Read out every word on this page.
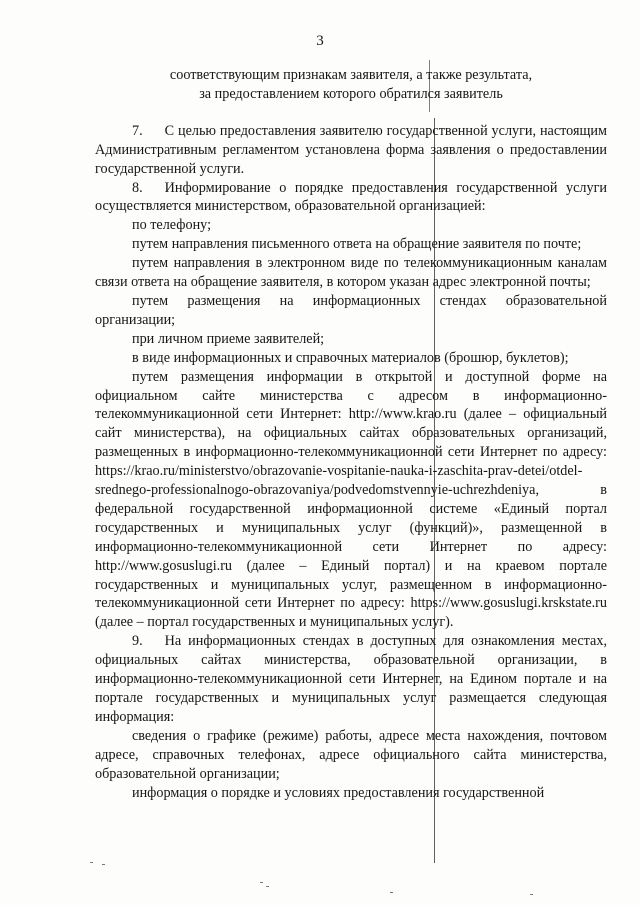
3

соответствующим признакам заявителя, а также результата,

за предоставлением которого обратился заявитель

7. С целью предоставления заявителю государственной услуги, настоящим Административным регламентом установлена форма заявления о предоставлении государственной услуги.

8. Информирование о порядке предоставления государственной услуги осуществляется министерством, образовательной организацией:

по телефону;

путем направления письменного ответа на обращение заявителя по почте;

путем направления в электронном виде по телекоммуникационным каналам связи ответа на обращение заявителя, в котором указан адрес электронной почты;

путем размещения на информационных стендах образовательной организации;

при личном приеме заявителей;

в виде информационных и справочных материалов (брошюр, буклетов);

путем размещения информации в открытой и доступной форме на официальном сайте министерства с адресом в информационно-телекоммуникационной сети Интернет: http://www.krao.ru (далее – официальный сайт министерства), на официальных сайтах образовательных организаций, размещенных в информационно-телекоммуникационной сети Интернет по адресу: https://krao.ru/ministerstvo/obrazovanie-vospitanie-nauka-i-zaschita-prav-detei/otdel-srednego-professionalnogo-obrazovaniya/podvedomstvennyie-uchrezhdeniya, в федеральной государственной информационной системе «Единый портал государственных и муниципальных услуг (функций)», размещенной в информационно-телекоммуникационной сети Интернет по адресу: http://www.gosuslugi.ru (далее – Единый портал) и на краевом портале государственных и муниципальных услуг, размещенном в информационно-телекоммуникационной сети Интернет по адресу: https://www.gosuslugi.krskstate.ru (далее – портал государственных и муниципальных услуг).

9. На информационных стендах в доступных для ознакомления местах, официальных сайтах министерства, образовательной организации, в информационно-телекоммуникационной сети Интернет, на Едином портале и на портале государственных и муниципальных услуг размещается следующая информация:

сведения о графике (режиме) работы, адресе места нахождения, почтовом адресе, справочных телефонах, адресе официального сайта министерства, образовательной организации;

информация о порядке и условиях предоставления государственной
